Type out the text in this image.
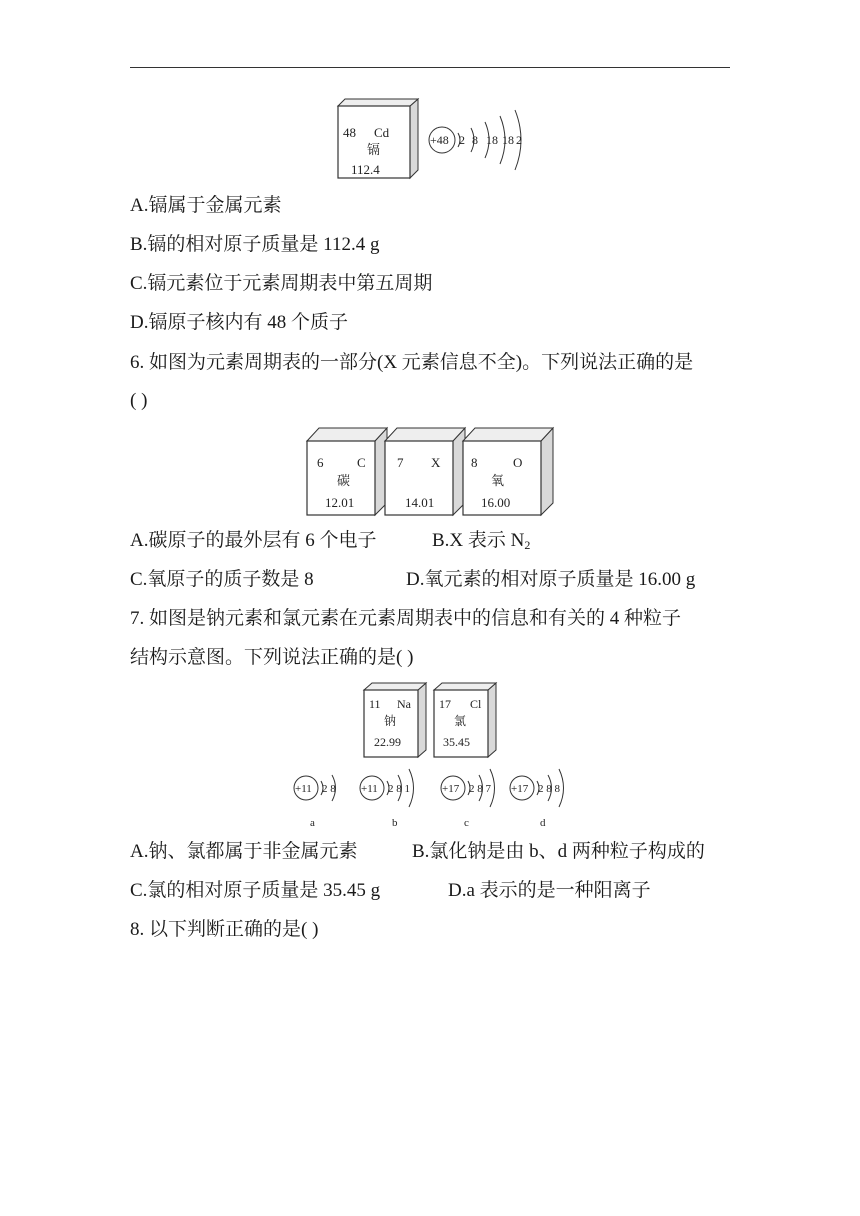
48 Cd
镉
112.4
+48 2 8 18 18 2
A.镉属于金属元素
B.镉的相对原子质量是 112.4 g
C.镉元素位于元素周期表中第五周期
D.镉原子核内有 48 个质子
6. 如图为元素周期表的一部分(X 元素信息不全)。下列说法正确的是
( )
6	C
碳
12.01
7 X
14.01
8	O
氧
16.00
A.碳原子的最外层有 6 个电子	B.X 表示 $N_2$
C.氧原子的质子数是 8	D.氧元素的相对原子质量是 16.00 g
7. 如图是钠元素和氯元素在元素周期表中的信息和有关的 4 种粒子
结构示意图。下列说法正确的是( )
11 Na
钠
22.99
17 Cl
氯
35.45
+11 2 8
a
+11 2 8 1
b
+17 2 8 7
c
+17 2 8 8
d
A.钠、氯都属于非金属元素	B.氯化钠是由 b、d 两种粒子构成的
C.氯的相对原子质量是 35.45 g	D.a 表示的是一种阳离子
8. 以下判断正确的是( )
